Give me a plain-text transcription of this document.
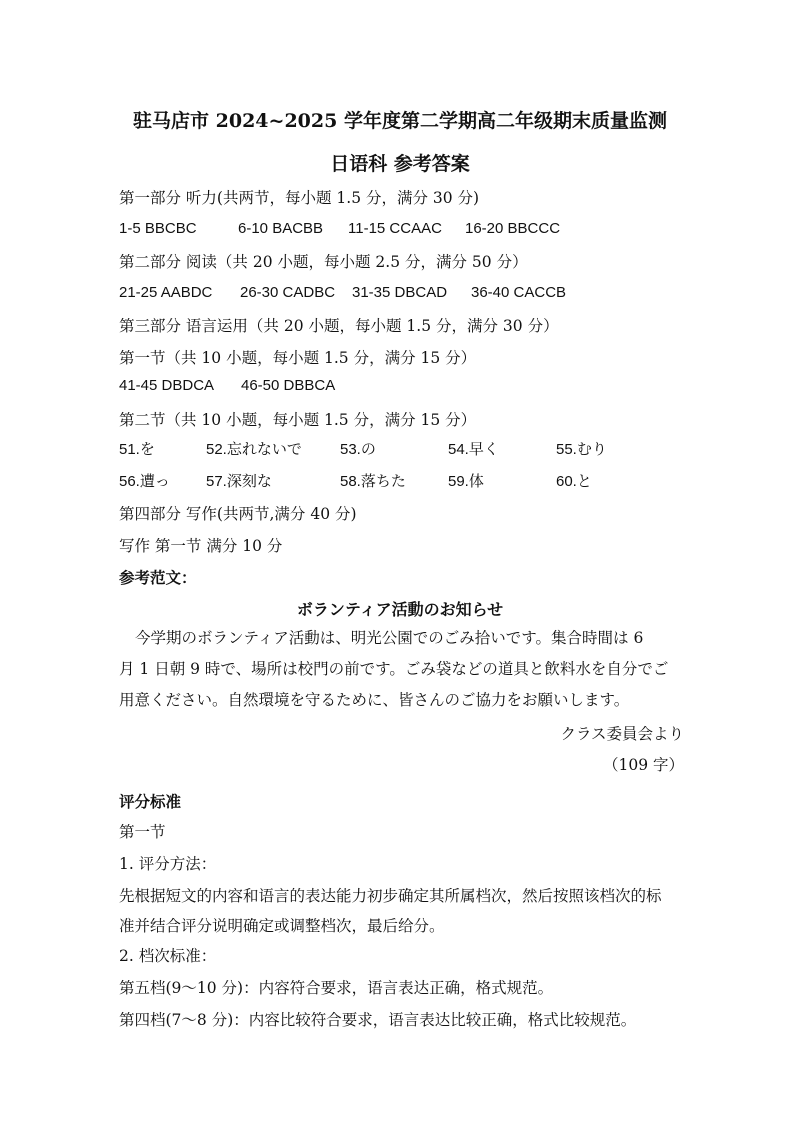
驻马店市 2024~2025 学年度第二学期高二年级期末质量监测
日语科 参考答案
第一部分 听力(共两节，每小题 1.5 分，满分 30 分)
1-5 BBCBC	6-10 BACBB 11-15 CCAAC 16-20 BBCCC
第二部分 阅读（共 20 小题，每小题 2.5 分，满分 50 分）
21-25 AABDC 26-30 CADBC 31-35 DBCAD 36-40 CACCB
第三部分 语言运用（共 20 小题，每小题 1.5 分，满分 30 分）
第一节（共 10 小题，每小题 1.5 分，满分 15 分）
41-45 DBDCA 46-50 DBBCA
第二节（共 10 小题，每小题 1.5 分，满分 15 分）
51.を	52.忘れないで	53.の	54.早く	55.むり
56.遭っ 57.深刻な	58.落ちた	59.体	60.と
第四部分 写作(共两节,满分 40 分)
写作 第一节 满分 10 分
参考范文：
ボランティア活動のお知らせ
今学期のボランティア活動は、明光公園でのごみ拾いです。集合時間は 6
月 1 日朝 9 時で、場所は校門の前です。ごみ袋などの道具と飲料水を自分でご
用意ください。自然環境を守るために、皆さんのご協力をお願いします。
クラス委員会より
（109 字）
评分标准
第一节
1. 评分方法：
先根据短文的内容和语言的表达能力初步确定其所属档次，然后按照该档次的标
准并结合评分说明确定或调整档次，最后给分。
2. 档次标准：
第五档(9～10 分)：内容符合要求，语言表达正确，格式规范。
第四档(7～8 分)：内容比较符合要求，语言表达比较正确，格式比较规范。
